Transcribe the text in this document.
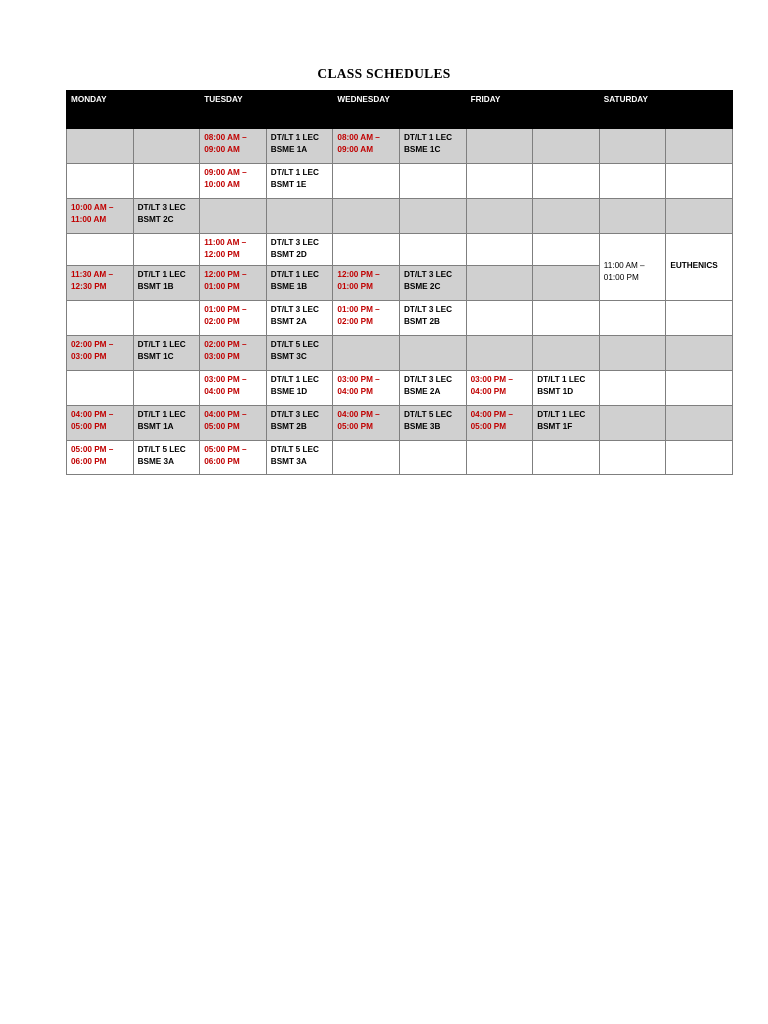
CLASS SCHEDULES
MONDAY		TUESDAY		WEDNESDAY		FRIDAY		SATURDAY	

		08:00 AM –
09:00 AM	DT/LT 1 LEC
BSME 1A	08:00 AM –
09:00 AM	DT/LT 1 LEC
BSME 1C				

		09:00 AM –
10:00 AM	DT/LT 1 LEC
BSMT 1E						

10:00 AM –
11:00 AM	DT/LT 3 LEC
BSMT 2C								

		11:00 AM –
12:00 PM	DT/LT 3 LEC
BSMT 2D					11:00 AM –
01:00 PM	EUTHENICS

11:30 AM –
12:30 PM	DT/LT 1 LEC
BSMT 1B	12:00 PM –
01:00 PM	DT/LT 1 LEC
BSME 1B	12:00 PM –
01:00 PM	DT/LT 3 LEC
BSME 2C				

		01:00 PM –
02:00 PM	DT/LT 3 LEC
BSMT 2A	01:00 PM –
02:00 PM	DT/LT 3 LEC
BSMT 2B				

02:00 PM –
03:00 PM	DT/LT 1 LEC
BSMT 1C	02:00 PM –
03:00 PM	DT/LT 5 LEC
BSMT 3C						

		03:00 PM –
04:00 PM	DT/LT 1 LEC
BSME 1D	03:00 PM –
04:00 PM	DT/LT 3 LEC
BSME 2A	03:00 PM –
04:00 PM	DT/LT 1 LEC
BSMT 1D		

04:00 PM –
05:00 PM	DT/LT 1 LEC
BSMT 1A	04:00 PM –
05:00 PM	DT/LT 3 LEC
BSMT 2B	04:00 PM –
05:00 PM	DT/LT 5 LEC
BSME 3B	04:00 PM –
05:00 PM	DT/LT 1 LEC
BSMT 1F		

05:00 PM –
06:00 PM	DT/LT 5 LEC
BSME 3A	05:00 PM –
06:00 PM	DT/LT 5 LEC
BSMT 3A						
